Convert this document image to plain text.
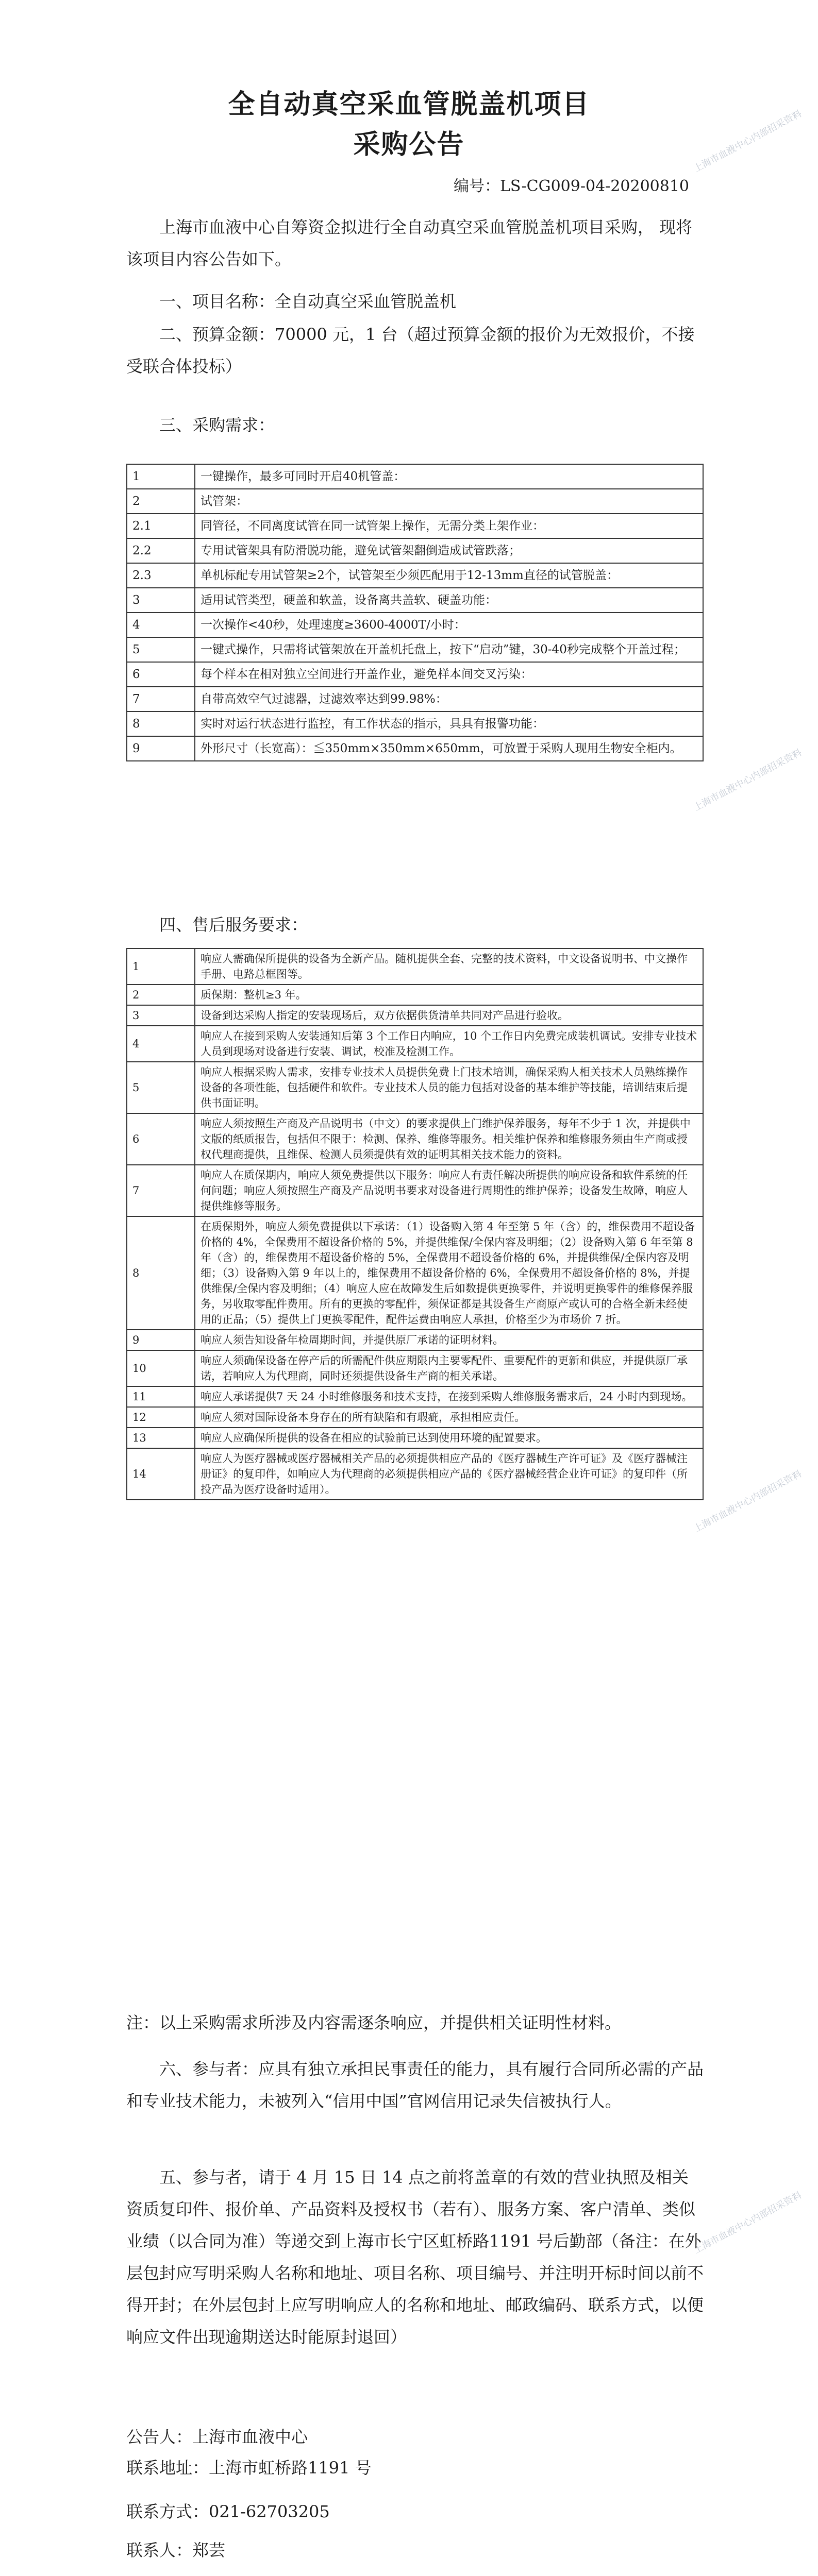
全自动真空采血管脱盖机项目
采购公告
编号：LS-CG009-04-20200810
上海市血液中心自筹资金拟进行全自动真空采血管脱盖机项目采购， 现将该项目内容公告如下。
一、项目名称：全自动真空采血管脱盖机
二、预算金额：70000 元，1 台（超过预算金额的报价为无效报价，不接受联合体投标）
三、采购需求：
1	一键操作，最多可同时开启40机管盖：
2	试管架：
2.1	同管径，不同离度试管在同一试管架上操作，无需分类上架作业：
2.2	专用试管架具有防滑脱功能，避免试管架翻倒造成试管跌落；
2.3	单机标配专用试管架≥2个，试管架至少须匹配用于12-13mm直径的试管脱盖：
3	适用试管类型，硬盖和软盖，设备离共盖软、硬盖功能：
4	一次操作<40秒，处理速度≥3600-4000T/小时：
5	一键式操作，只需将试管架放在开盖机托盘上，按下“启动”键，30-40秒完成整个开盖过程；
6	每个样本在相对独立空间进行开盖作业，避免样本间交叉污染：
7	自带高效空气过滤器，过滤效率达到99.98%：
8	实时对运行状态进行监控，有工作状态的指示，具具有报警功能：
9	外形尺寸（长宽高）：≦350mm×350mm×650mm，可放置于采购人现用生物安全柜内。
四、售后服务要求：
1	响应人需确保所提供的设备为全新产品。随机提供全套、完整的技术资料，中文设备说明书、中文操作手册、电路总框图等。
2	质保期：整机≥3 年。
3	设备到达采购人指定的安装现场后，双方依据供货清单共同对产品进行验收。
4	响应人在接到采购人安装通知后第 3 个工作日内响应，10 个工作日内免费完成装机调试。安排专业技术人员到现场对设备进行安装、调试，校准及检测工作。
5	响应人根据采购人需求，安排专业技术人员提供免费上门技术培训，确保采购人相关技术人员熟练操作设备的各项性能，包括硬件和软件。专业技术人员的能力包括对设备的基本维护等技能，培训结束后提供书面证明。
6	响应人须按照生产商及产品说明书（中文）的要求提供上门维护保养服务，每年不少于 1 次，并提供中文版的纸质报告，包括但不限于：检测、保养、维修等服务。相关维护保养和维修服务须由生产商或授权代理商提供，且维保、检测人员须提供有效的证明其相关技术能力的资料。
7	响应人在质保期内，响应人须免费提供以下服务：响应人有责任解决所提供的响应设备和软件系统的任何问题；响应人须按照生产商及产品说明书要求对设备进行周期性的维护保养；设备发生故障，响应人提供维修等服务。
8	在质保期外，响应人须免费提供以下承诺：（1）设备购入第 4 年至第 5 年（含）的，维保费用不超设备价格的 4%，全保费用不超设备价格的 5%，并提供维保/全保内容及明细；（2）设备购入第 6 年至第 8 年（含）的，维保费用不超设备价格的 5%，全保费用不超设备价格的 6%，并提供维保/全保内容及明细；（3）设备购入第 9 年以上的，维保费用不超设备价格的 6%，全保费用不超设备价格的 8%，并提供维保/全保内容及明细；（4）响应人应在故障发生后如数提供更换零件，并说明更换零件的维修保养服务，另收取零配件费用。所有的更换的零配件，须保证都是其设备生产商原产或认可的合格全新未经使用的正品；（5）提供上门更换零配件，配件运费由响应人承担，价格至少为市场价 7 折。
9	响应人须告知设备年检周期时间，并提供原厂承诺的证明材料。
10	响应人须确保设备在停产后的所需配件供应期限内主要零配件、重要配件的更新和供应，并提供原厂承诺，若响应人为代理商，同时还须提供设备生产商的相关承诺。
11	响应人承诺提供7 天 24 小时维修服务和技术支持，在接到采购人维修服务需求后，24 小时内到现场。
12	响应人须对国际设备本身存在的所有缺陷和有瑕疵，承担相应责任。
13	响应人应确保所提供的设备在相应的试验前已达到使用环境的配置要求。
14	响应人为医疗器械或医疗器械相关产品的必须提供相应产品的《医疗器械生产许可证》及《医疗器械注册证》的复印件，如响应人为代理商的必须提供相应产品的《医疗器械经营企业许可证》的复印件（所投产品为医疗设备时适用）。
注：以上采购需求所涉及内容需逐条响应，并提供相关证明性材料。
六、参与者：应具有独立承担民事责任的能力，具有履行合同所必需的产品和专业技术能力，未被列入“信用中国”官网信用记录失信被执行人。
五、参与者，请于 4 月 15 日 14 点之前将盖章的有效的营业执照及相关资质复印件、报价单、产品资料及授权书（若有）、服务方案、客户清单、类似业绩（以合同为准）等递交到上海市长宁区虹桥路1191 号后勤部（备注：在外层包封应写明采购人名称和地址、项目名称、项目编号、并注明开标时间以前不得开封；在外层包封上应写明响应人的名称和地址、邮政编码、联系方式，以便响应文件出现逾期送达时能原封退回）
公告人：上海市血液中心
联系地址：上海市虹桥路1191 号
联系方式：021-62703205
联系人：郑芸

上海市血液中心内部招采资料
上海市血液中心内部招采资料
上海市血液中心内部招采资料
上海市血液中心内部招采资料
